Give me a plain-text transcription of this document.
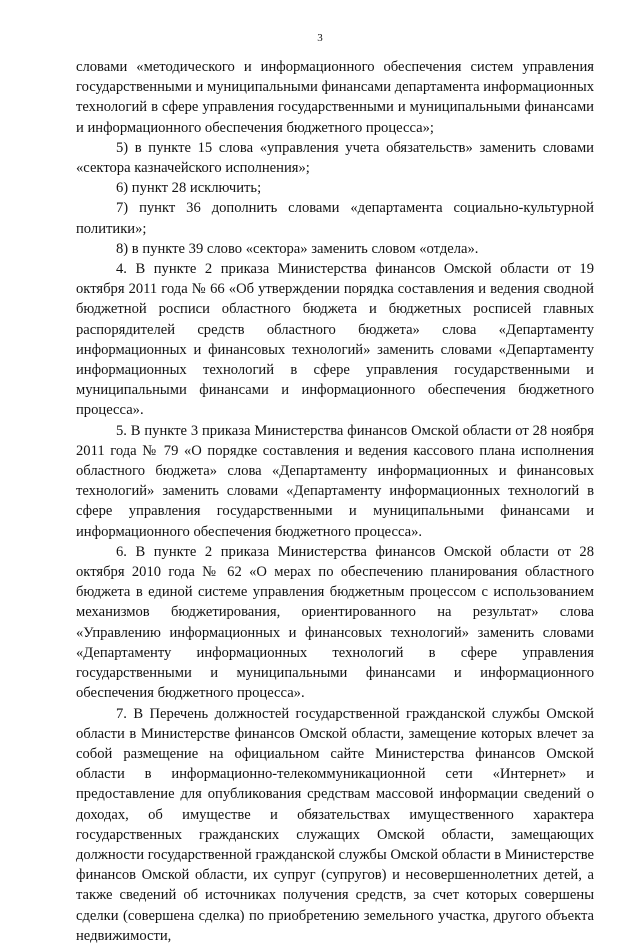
3

словами «методического и информационного обеспечения систем управления государственными и муниципальными финансами департамента информационных технологий в сфере управления государственными и муниципальными финансами и информационного обеспечения бюджетного процесса»;

5) в пункте 15 слова «управления учета обязательств» заменить словами «сектора казначейского исполнения»;

6) пункт 28 исключить;

7) пункт 36 дополнить словами «департамента социально-культурной политики»;

8) в пункте 39 слово «сектора» заменить словом «отдела».

4. В пункте 2 приказа Министерства финансов Омской области от 19 октября 2011 года № 66 «Об утверждении порядка составления и ведения сводной бюджетной росписи областного бюджета и бюджетных росписей главных распорядителей средств областного бюджета» слова «Департаменту информационных и финансовых технологий» заменить словами «Департаменту информационных технологий в сфере управления государственными и муниципальными финансами и информационного обеспечения бюджетного процесса».

5. В пункте 3 приказа Министерства финансов Омской области от 28 ноября 2011 года № 79 «О порядке составления и ведения кассового плана исполнения областного бюджета» слова «Департаменту информационных и финансовых технологий» заменить словами «Департаменту информационных технологий в сфере управления государственными и муниципальными финансами и информационного обеспечения бюджетного процесса».

6. В пункте 2 приказа Министерства финансов Омской области от 28 октября 2010 года № 62 «О мерах по обеспечению планирования областного бюджета в единой системе управления бюджетным процессом с использованием механизмов бюджетирования, ориентированного на результат» слова «Управлению информационных и финансовых технологий» заменить словами «Департаменту информационных технологий в сфере управления государственными и муниципальными финансами и информационного обеспечения бюджетного процесса».

7. В Перечень должностей государственной гражданской службы Омской области в Министерстве финансов Омской области, замещение которых влечет за собой размещение на официальном сайте Министерства финансов Омской области в информационно-телекоммуникационной сети «Интернет» и предоставление для опубликования средствам массовой информации сведений о доходах, об имуществе и обязательствах имущественного характера государственных гражданских служащих Омской области, замещающих должности государственной гражданской службы Омской области в Министерстве финансов Омской области, их супруг (супругов) и несовершеннолетних детей, а также сведений об источниках получения средств, за счет которых совершены сделки (совершена сделка) по приобретению земельного участка, другого объекта недвижимости,
